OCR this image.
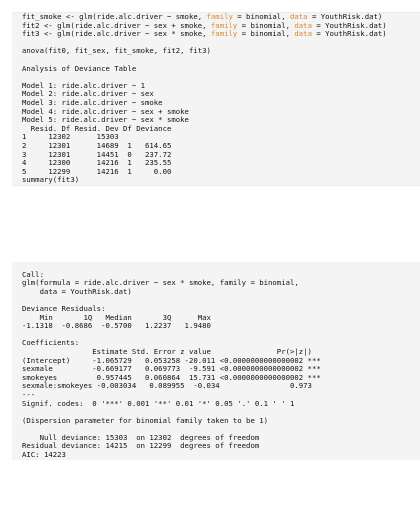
fit_smoke <- glm(ride.alc.driver ~ smoke, family = binomial, data = YouthRisk.dat)
fit2 <- glm(ride.alc.driver ~ sex + smoke, family = binomial, data = YouthRisk.dat)
fit3 <- glm(ride.alc.driver ~ sex * smoke, family = binomial, data = YouthRisk.dat)
anova(fit0, fit_sex, fit_smoke, fit2, fit3)
Analysis of Deviance Table
Model 1: ride.alc.driver ~ 1
Model 2: ride.alc.driver ~ sex
Model 3: ride.alc.driver ~ smoke
Model 4: ride.alc.driver ~ sex + smoke
Model 5: ride.alc.driver ~ sex * smoke
Resid. Df Resid. Dev Df Deviance
1     12302      15303
2     12301      14689  1   614.65
3     12301      14451  0   237.72
4     12300      14216  1   235.55
5     12299      14216  1     0.00
summary(fit3)
Call:
glm(formula = ride.alc.driver ~ sex * smoke, family = binomial,
data = YouthRisk.dat)
Deviance Residuals:
Min       1Q   Median       3Q      Max
-1.1318  -0.8686  -0.5700   1.2237   1.9480
Coefficients:
Estimate Std. Error z value               Pr(>|z|)
(Intercept)     -1.065729   0.053258 -20.011 <0.0000000000000002 ***
sexmale         -0.669177   0.069773  -9.591 <0.0000000000000002 ***
smokeyes         0.957445   0.060864  15.731 <0.0000000000000002 ***
sexmale:smokeyes -0.003034   0.089955  -0.034                0.973
---
Signif. codes:  0 '***' 0.001 '**' 0.01 '*' 0.05 '.' 0.1 ' ' 1
(Dispersion parameter for binomial family taken to be 1)
Null deviance: 15303  on 12302  degrees of freedom
Residual deviance: 14215  on 12299  degrees of freedom
AIC: 14223
